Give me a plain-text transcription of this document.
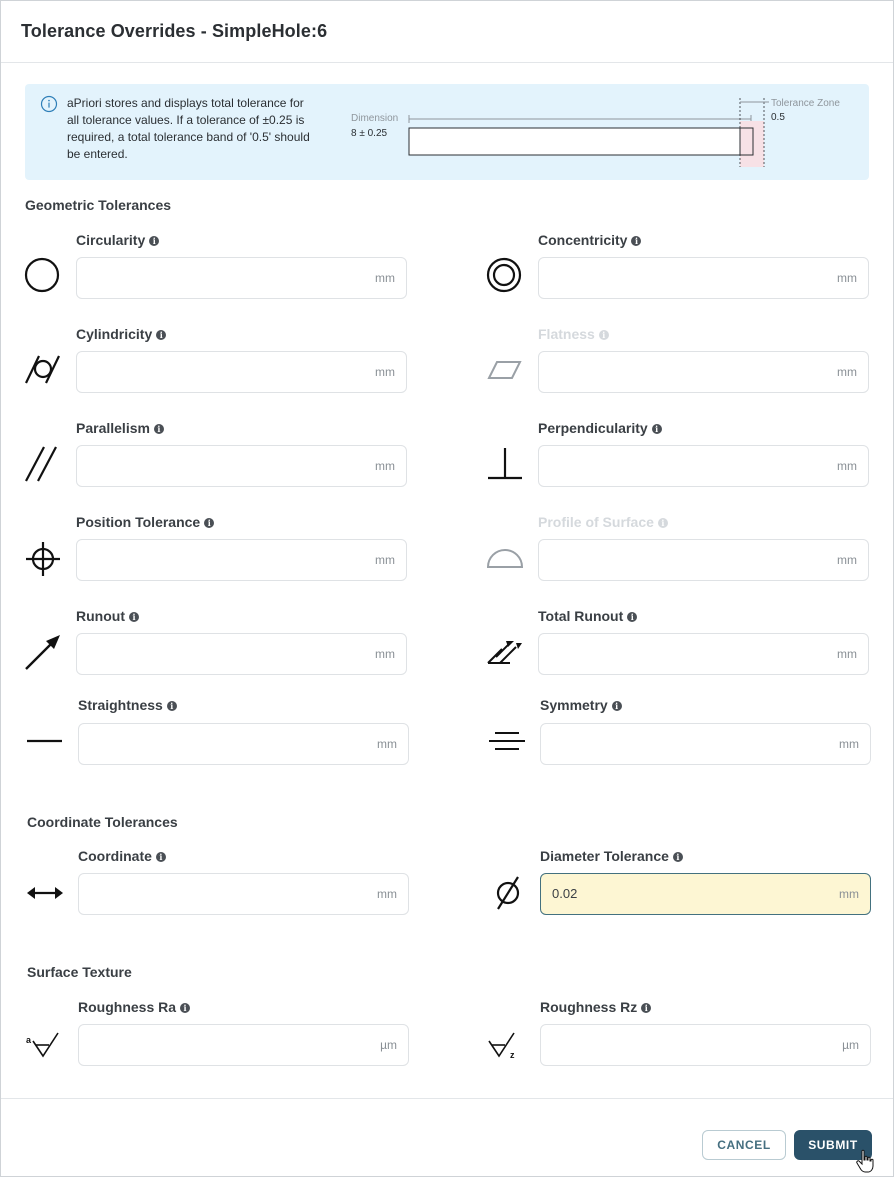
Tolerance Overrides - SimpleHole:6
aPriori stores and displays total tolerance for all tolerance values. If a tolerance of ±0.25 is required, a total tolerance band of '0.5' should be entered.
Dimension
8 ± 0.25
Tolerance Zone
0.5
Geometric Tolerances
Circularity i
mm
Concentricity i
mm
Cylindricity i
mm
Flatness i
mm
Parallelism i
mm
Perpendicularity i
mm
Position Tolerance i
mm
Profile of Surface i
mm
Runout i
mm
Total Runout i
mm
Straightness i
mm
Symmetry i
mm
Coordinate Tolerances
Coordinate i
mm
Diameter Tolerance i
0.02	mm
Surface Texture
a
Roughness Ra i
µm
z
Roughness Rz i
µm
CANCEL	SUBMIT
